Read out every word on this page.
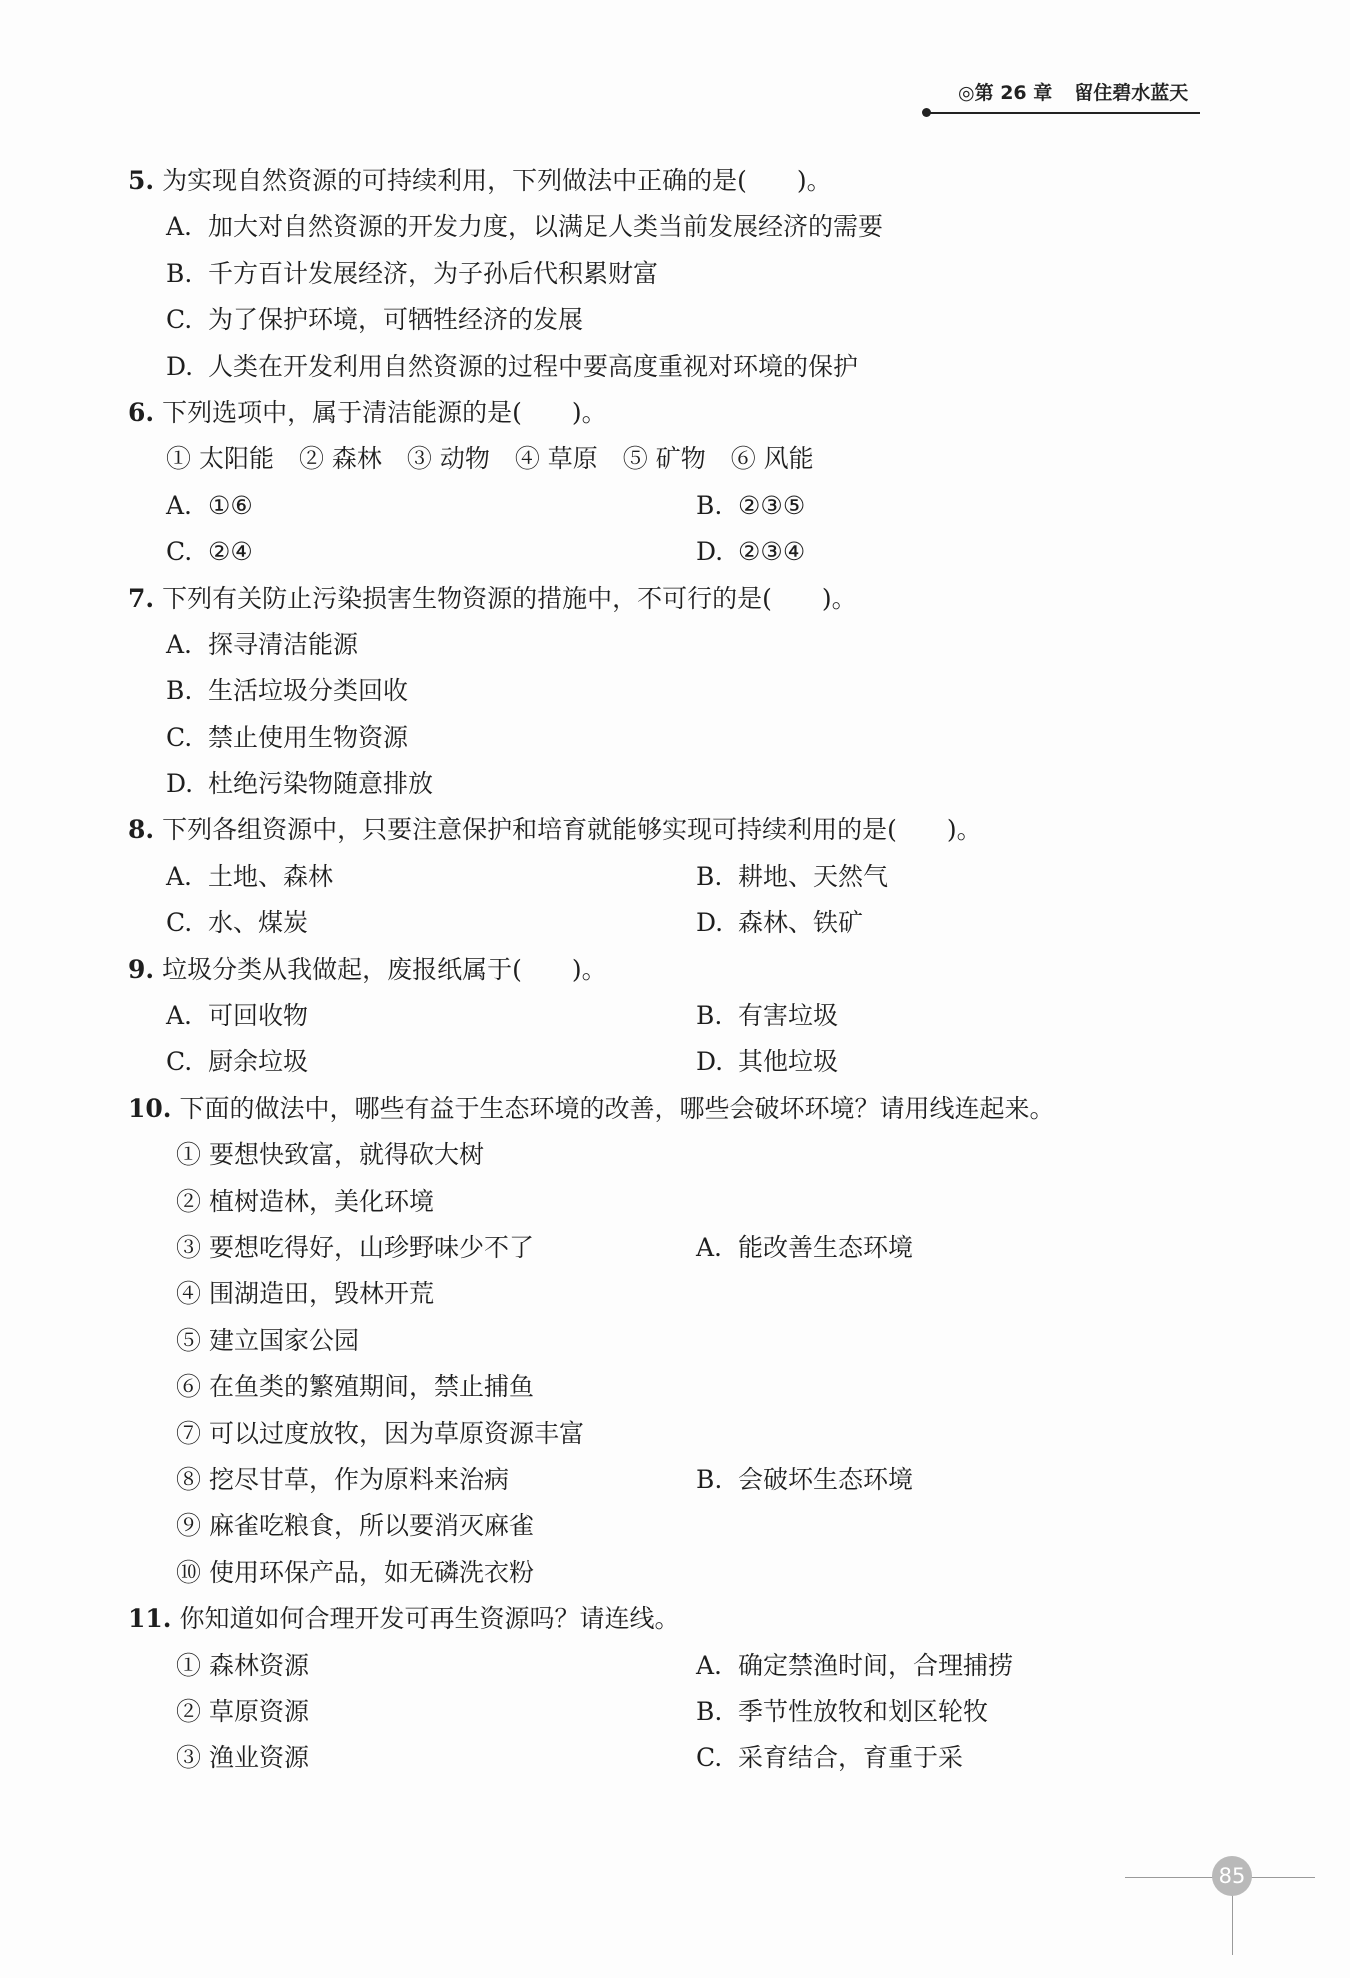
◎第 26 章 留住碧水蓝天
5. 为实现自然资源的可持续利用，下列做法中正确的是(　　)。
A. 加大对自然资源的开发力度，以满足人类当前发展经济的需要
B. 千方百计发展经济，为子孙后代积累财富
C. 为了保护环境，可牺牲经济的发展
D. 人类在开发利用自然资源的过程中要高度重视对环境的保护
6. 下列选项中，属于清洁能源的是(　　)。
① 太阳能　② 森林　③ 动物　④ 草原　⑤ 矿物　⑥ 风能
A. ①⑥	B. ②③⑤
C. ②④	D. ②③④
7. 下列有关防止污染损害生物资源的措施中，不可行的是(　　)。
A. 探寻清洁能源
B. 生活垃圾分类回收
C. 禁止使用生物资源
D. 杜绝污染物随意排放
8. 下列各组资源中，只要注意保护和培育就能够实现可持续利用的是(　　)。
A. 土地、森林	B. 耕地、天然气
C. 水、煤炭	D. 森林、铁矿
9. 垃圾分类从我做起，废报纸属于(　　)。
A. 可回收物	B. 有害垃圾
C. 厨余垃圾	D. 其他垃圾
10. 下面的做法中，哪些有益于生态环境的改善，哪些会破坏环境？请用线连起来。
① 要想快致富，就得砍大树
② 植树造林，美化环境
③ 要想吃得好，山珍野味少不了	A. 能改善生态环境
④ 围湖造田，毁林开荒
⑤ 建立国家公园
⑥ 在鱼类的繁殖期间，禁止捕鱼
⑦ 可以过度放牧，因为草原资源丰富
⑧ 挖尽甘草，作为原料来治病	B. 会破坏生态环境
⑨ 麻雀吃粮食，所以要消灭麻雀
⑩ 使用环保产品，如无磷洗衣粉
11. 你知道如何合理开发可再生资源吗？请连线。
① 森林资源	A. 确定禁渔时间，合理捕捞
② 草原资源	B. 季节性放牧和划区轮牧
③ 渔业资源	C. 采育结合，育重于采
85
